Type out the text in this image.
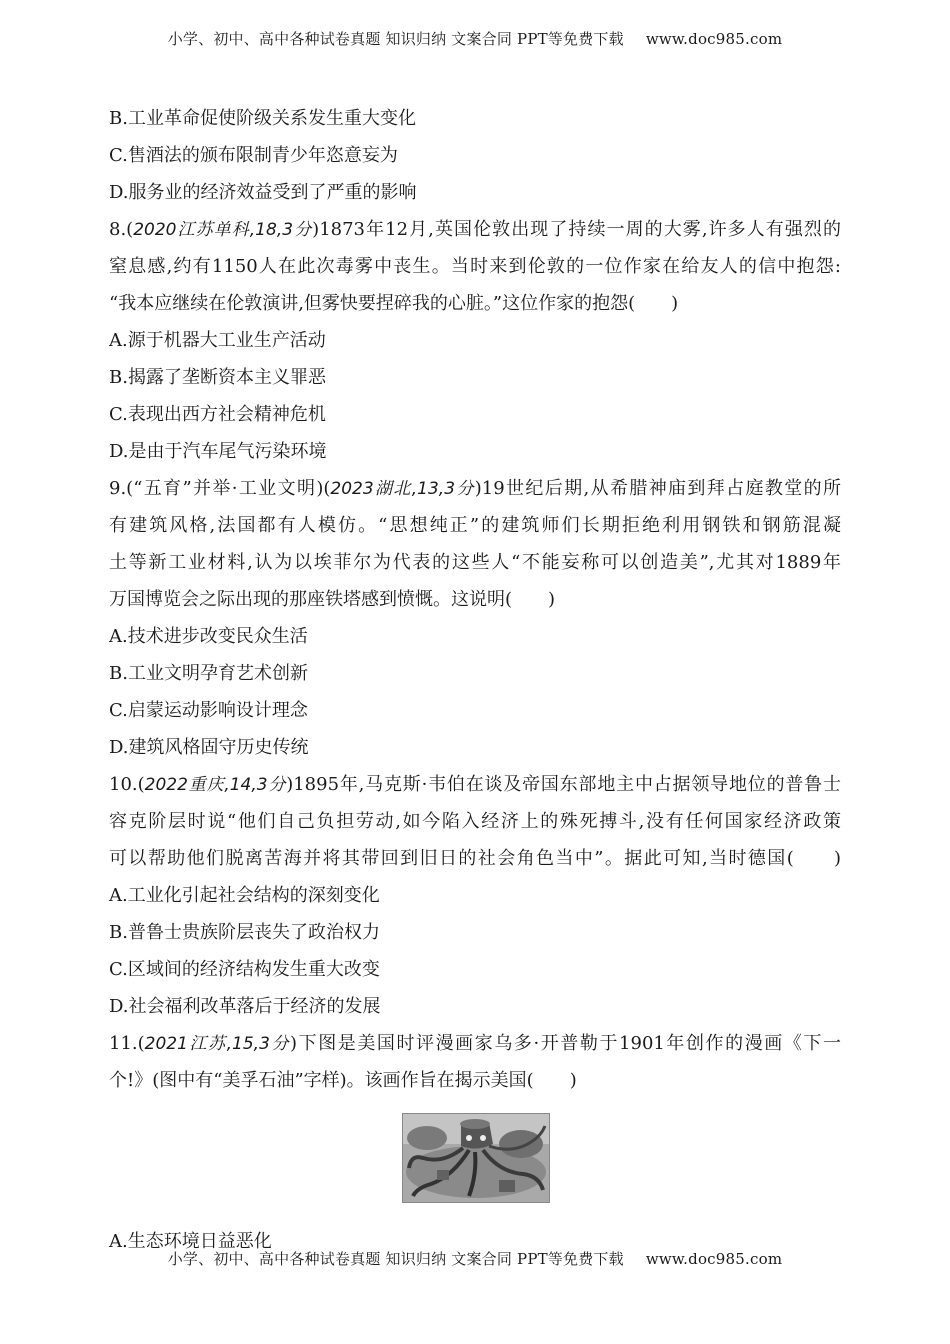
小学、初中、高中各种试卷真题 知识归纳 文案合同 PPT等免费下载 www.doc985.com
B.工业革命促使阶级关系发生重大变化
C.售酒法的颁布限制青少年恣意妄为
D.服务业的经济效益受到了严重的影响
8.(2020江苏单科,18,3分)1873年12月,英国伦敦出现了持续一周的大雾,许多人有强烈的
窒息感,约有1150人在此次毒雾中丧生。当时来到伦敦的一位作家在给友人的信中抱怨:
“我本应继续在伦敦演讲,但雾快要捏碎我的心脏。”这位作家的抱怨(　　)
A.源于机器大工业生产活动
B.揭露了垄断资本主义罪恶
C.表现出西方社会精神危机
D.是由于汽车尾气污染环境
9.(“五育”并举·工业文明)(2023湖北,13,3分)19世纪后期,从希腊神庙到拜占庭教堂的所
有建筑风格,法国都有人模仿。“思想纯正”的建筑师们长期拒绝利用钢铁和钢筋混凝
土等新工业材料,认为以埃菲尔为代表的这些人“不能妄称可以创造美”,尤其对1889年
万国博览会之际出现的那座铁塔感到愤慨。这说明(　　)
A.技术进步改变民众生活
B.工业文明孕育艺术创新
C.启蒙运动影响设计理念
D.建筑风格固守历史传统
10.(2022重庆,14,3分)1895年,马克斯·韦伯在谈及帝国东部地主中占据领导地位的普鲁士
容克阶层时说“他们自己负担劳动,如今陷入经济上的殊死搏斗,没有任何国家经济政策
可以帮助他们脱离苦海并将其带回到旧日的社会角色当中”。据此可知,当时德国(　　)
A.工业化引起社会结构的深刻变化
B.普鲁士贵族阶层丧失了政治权力
C.区域间的经济结构发生重大改变
D.社会福利改革落后于经济的发展
11.(2021江苏,15,3分)下图是美国时评漫画家乌多·开普勒于1901年创作的漫画《下一
个!》(图中有“美孚石油”字样)。该画作旨在揭示美国(　　)
A.生态环境日益恶化
小学、初中、高中各种试卷真题 知识归纳 文案合同 PPT等免费下载 www.doc985.com
